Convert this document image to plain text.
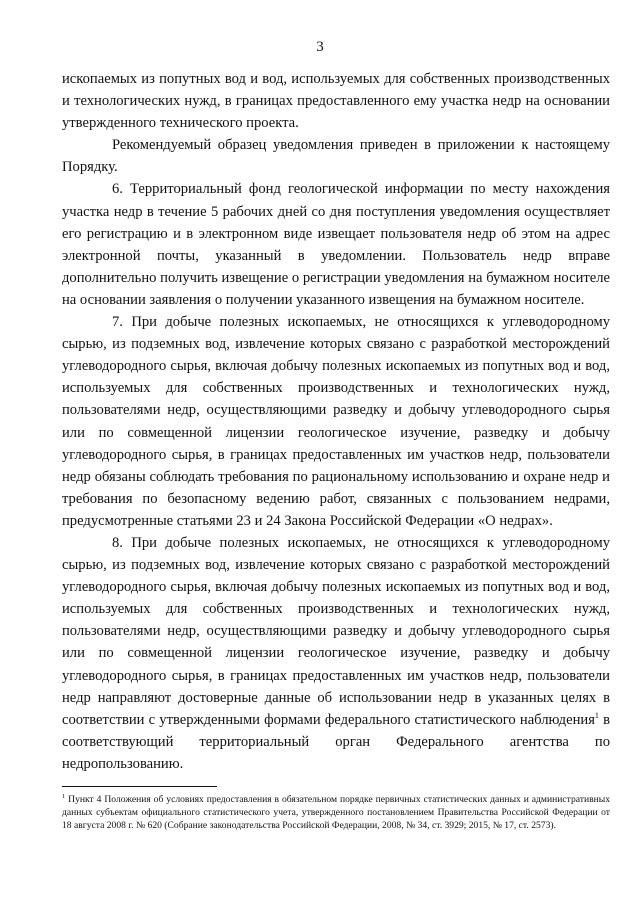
3

ископаемых из попутных вод и вод, используемых для собственных производственных и технологических нужд, в границах предоставленного ему участка недр на основании утвержденного технического проекта.

Рекомендуемый образец уведомления приведен в приложении к настоящему Порядку.

6. Территориальный фонд геологической информации по месту нахождения участка недр в течение 5 рабочих дней со дня поступления уведомления осуществляет его регистрацию и в электронном виде извещает пользователя недр об этом на адрес электронной почты, указанный в уведомлении. Пользователь недр вправе дополнительно получить извещение о регистрации уведомления на бумажном носителе на основании заявления о получении указанного извещения на бумажном носителе.

7. При добыче полезных ископаемых, не относящихся к углеводородному сырью, из подземных вод, извлечение которых связано с разработкой месторождений углеводородного сырья, включая добычу полезных ископаемых из попутных вод и вод, используемых для собственных производственных и технологических нужд, пользователями недр, осуществляющими разведку и добычу углеводородного сырья или по совмещенной лицензии геологическое изучение, разведку и добычу углеводородного сырья, в границах предоставленных им участков недр, пользователи недр обязаны соблюдать требования по рациональному использованию и охране недр и требования по безопасному ведению работ, связанных с пользованием недрами, предусмотренные статьями 23 и 24 Закона Российской Федерации «О недрах».

8. При добыче полезных ископаемых, не относящихся к углеводородному сырью, из подземных вод, извлечение которых связано с разработкой месторождений углеводородного сырья, включая добычу полезных ископаемых из попутных вод и вод, используемых для собственных производственных и технологических нужд, пользователями недр, осуществляющими разведку и добычу углеводородного сырья или по совмещенной лицензии геологическое изучение, разведку и добычу углеводородного сырья, в границах предоставленных им участков недр, пользователи недр направляют достоверные данные об использовании недр в указанных целях в соответствии с утвержденными формами федерального статистического наблюдения$^1$ в соответствующий территориальный орган Федерального агентства по недропользованию.

$^1$ Пункт 4 Положения об условиях предоставления в обязательном порядке первичных статистических данных и административных данных субъектам официального статистического учета, утвержденного постановлением Правительства Российской Федерации от 18 августа 2008 г. № 620 (Собрание законодательства Российской Федерации, 2008, № 34, ст. 3929; 2015, № 17, ст. 2573).
